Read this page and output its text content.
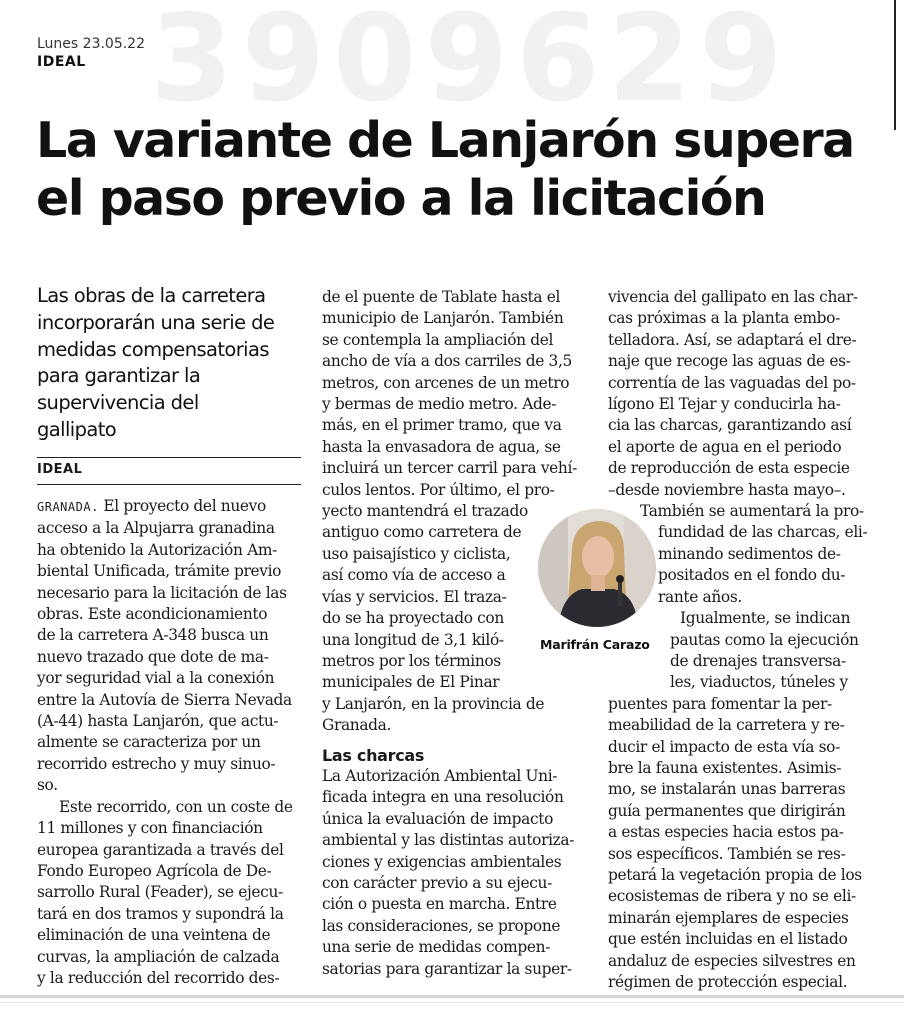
3909629
Lunes 23.05.22
IDEAL
La variante de Lanjarón supera
el paso previo a la licitación
Las obras de la carretera
incorporarán una serie de
medidas compensatorias
para garantizar la
supervivencia del
gallipato
IDEAL
GRANADA. El proyecto del nuevo
acceso a la Alpujarra granadina
ha obtenido la Autorización Am-
biental Unificada, trámite previo
necesario para la licitación de las
obras. Este acondicionamiento
de la carretera A-348 busca un
nuevo trazado que dote de ma-
yor seguridad vial a la conexión
entre la Autovía de Sierra Nevada
(A-44) hasta Lanjarón, que actu-
almente se caracteriza por un
recorrido estrecho y muy sinuo-
so.
Este recorrido, con un coste de
11 millones y con financiación
europea garantizada a través del
Fondo Europeo Agrícola de De-
sarrollo Rural (Feader), se ejecu-
tará en dos tramos y supondrá la
eliminación de una veintena de
curvas, la ampliación de calzada
y la reducción del recorrido des-
de el puente de Tablate hasta el
municipio de Lanjarón. También
se contempla la ampliación del
ancho de vía a dos carriles de 3,5
metros, con arcenes de un metro
y bermas de medio metro. Ade-
más, en el primer tramo, que va
hasta la envasadora de agua, se
incluirá un tercer carril para vehí-
culos lentos. Por último, el pro-
yecto mantendrá el trazado
antiguo como carretera de
uso paisajístico y ciclista,
así como vía de acceso a
vías y servicios. El traza-
do se ha proyectado con
una longitud de 3,1 kiló-
metros por los términos
municipales de El Pinar
y Lanjarón, en la provincia de
Granada.
Las charcas
La Autorización Ambiental Uni-
ficada integra en una resolución
única la evaluación de impacto
ambiental y las distintas autoriza-
ciones y exigencias ambientales
con carácter previo a su ejecu-
ción o puesta en marcha. Entre
las consideraciones, se propone
una serie de medidas compen-
satorias para garantizar la super-
vivencia del gallipato en las char-
cas próximas a la planta embo-
telladora. Así, se adaptará el dre-
naje que recoge las aguas de es-
correntía de las vaguadas del po-
lígono El Tejar y conducirla ha-
cia las charcas, garantizando así
el aporte de agua en el periodo
de reproducción de esta especie
–desde noviembre hasta mayo–.
También se aumentará la pro-
fundidad de las charcas, eli-
minando sedimentos de-
positados en el fondo du-
rante años.
Igualmente, se indican
pautas como la ejecución
de drenajes transversa-
les, viaductos, túneles y
puentes para fomentar la per-
meabilidad de la carretera y re-
ducir el impacto de esta vía so-
bre la fauna existentes. Asimis-
mo, se instalarán unas barreras
guía permanentes que dirigirán
a estas especies hacia estos pa-
sos específicos. También se res-
petará la vegetación propia de los
ecosistemas de ribera y no se eli-
minarán ejemplares de especies
que estén incluidas en el listado
andaluz de especies silvestres en
régimen de protección especial.
Marifrán Carazo
